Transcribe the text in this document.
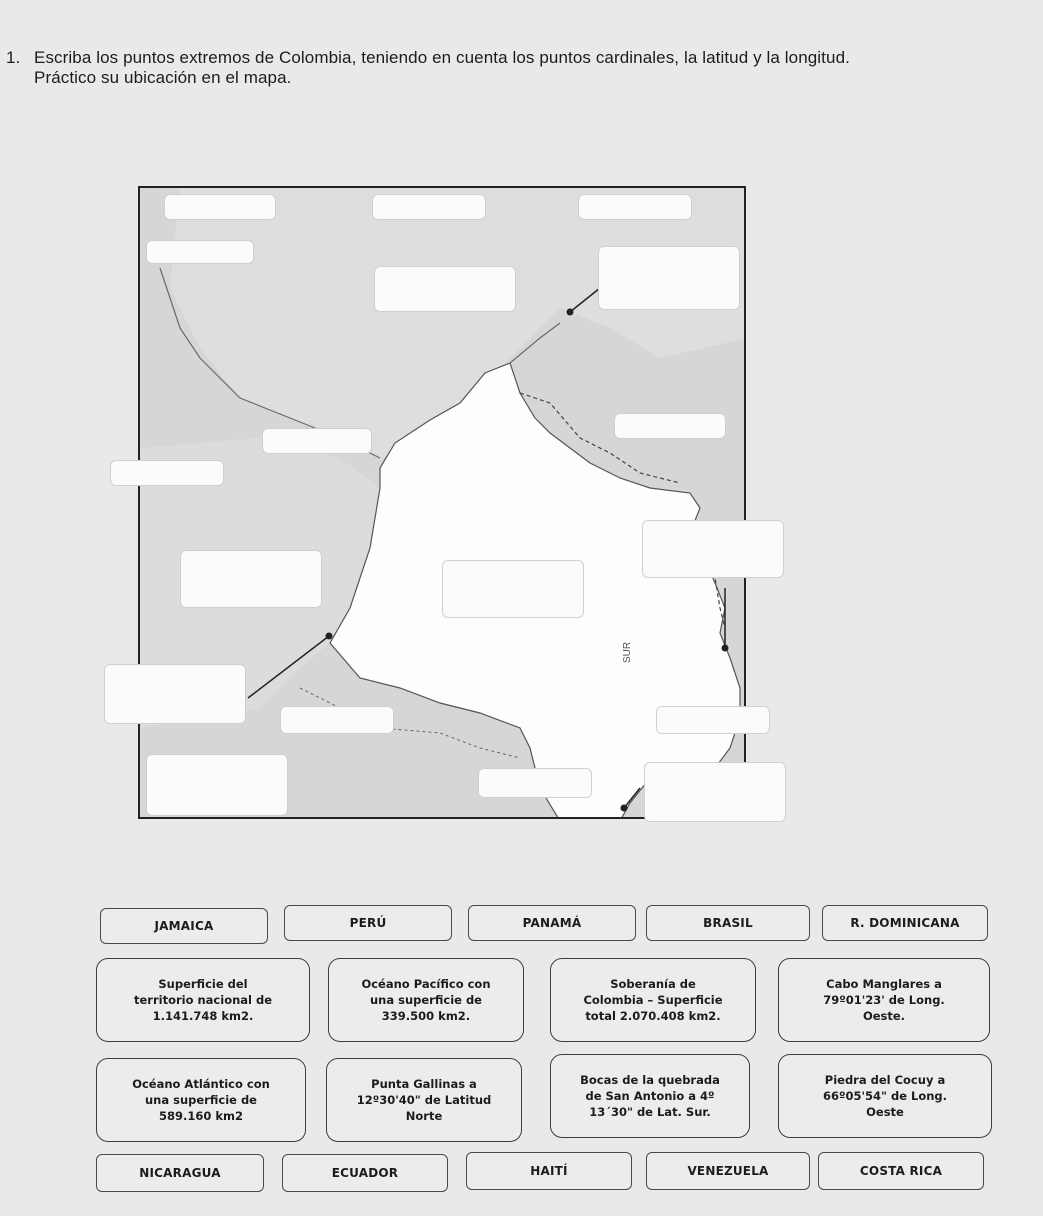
1. Escriba los puntos extremos de Colombia, teniendo en cuenta los puntos cardinales, la latitud y la longitud. Práctico su ubicación en el mapa.
SUR
JAMAICA	PERÚ	PANAMÁ	BRASIL	R. DOMINICANA
Superficie del
territorio nacional de
1.141.748 km2.
Océano Pacífico con
una superficie de
339.500 km2.
Soberanía de
Colombia – Superficie
total 2.070.408 km2.
Cabo Manglares a
79º01'23' de Long.
Oeste.
Océano Atlántico con
una superficie de
589.160 km2
Punta Gallinas a
12º30'40" de Latitud
Norte
Bocas de la quebrada
de San Antonio a 4º
13´30" de Lat. Sur.
Piedra del Cocuy a
66º05'54" de Long.
Oeste
NICARAGUA	ECUADOR	HAITÍ	VENEZUELA	COSTA RICA
